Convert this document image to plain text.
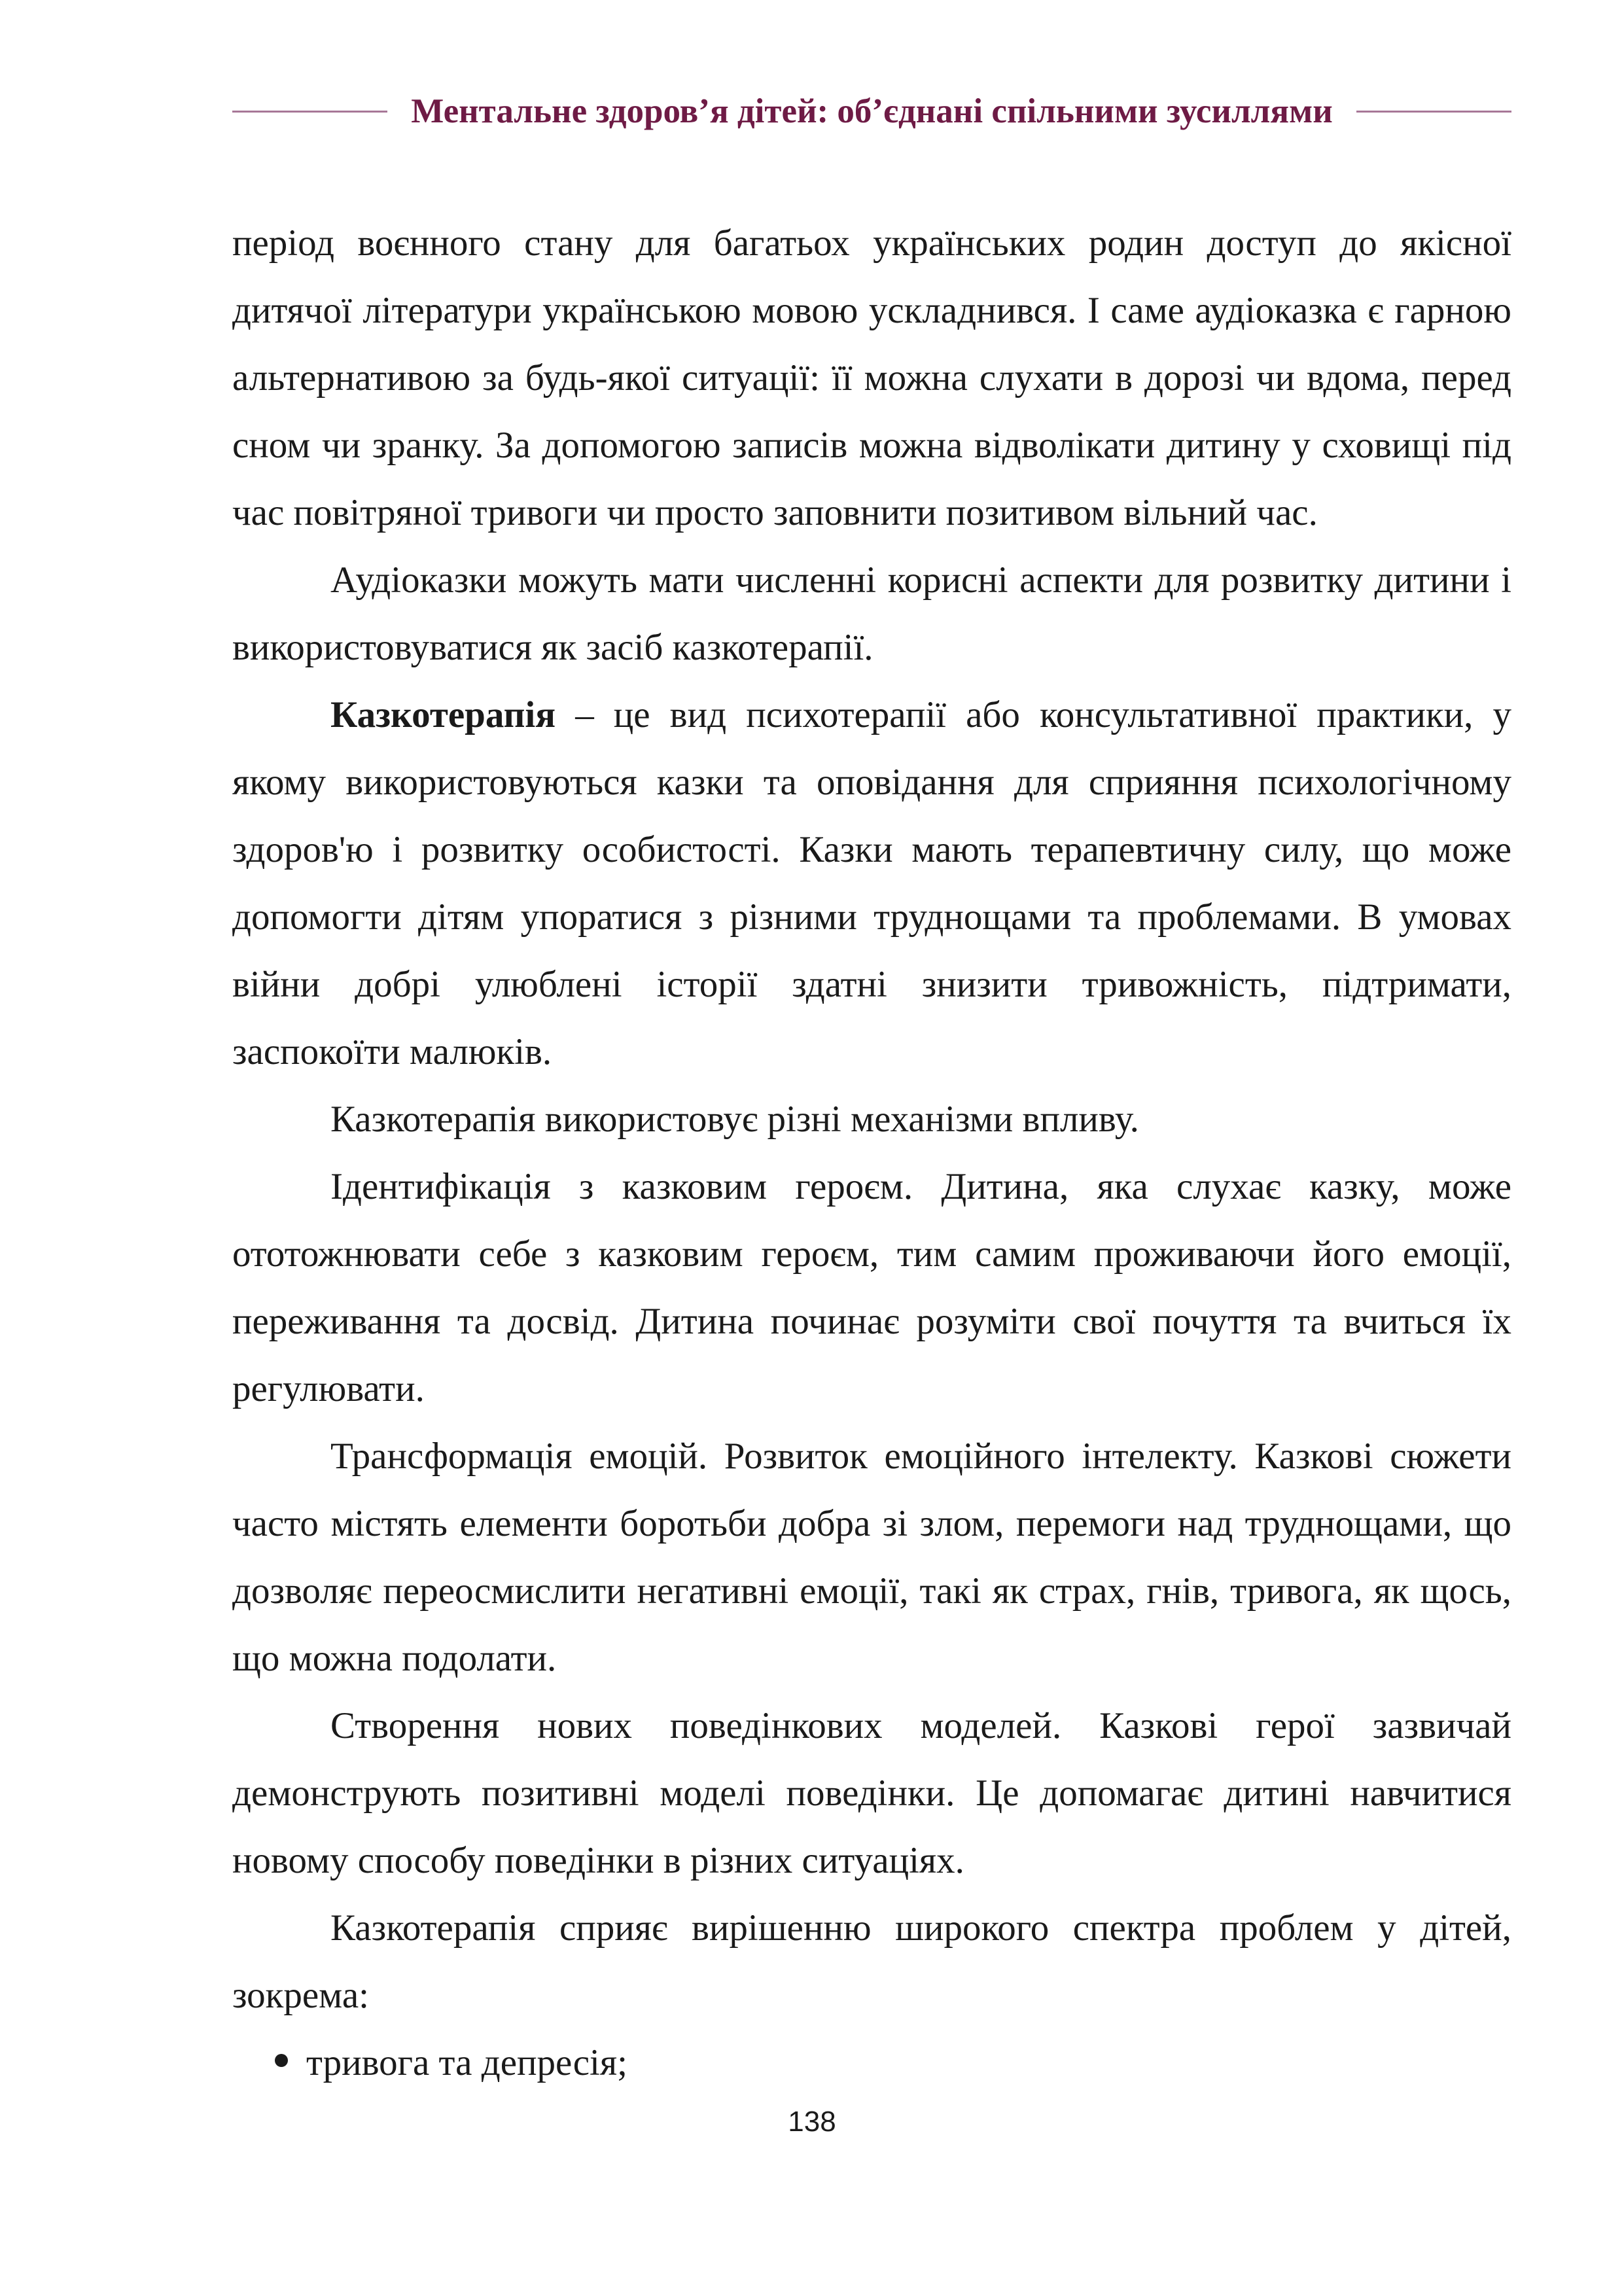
Ментальне здоров’я дітей: об’єднані спільними зусиллями

період воєнного стану для багатьох українських родин доступ до якісної дитячої літератури українською мовою ускладнився. І саме аудіоказка є гарною альтернативою за будь-якої ситуації: її можна слухати в дорозі чи вдома, перед сном чи зранку. За допомогою записів можна відволікати дитину у сховищі під час повітряної тривоги чи просто заповнити позитивом вільний час.

Аудіоказки можуть мати численні корисні аспекти для розвитку дитини і використовуватися як засіб казкотерапії.

Казкотерапія – це вид психотерапії або консультативної практики, у якому використовуються казки та оповідання для сприяння психологічному здоров'ю і розвитку особистості. Казки мають терапевтичну силу, що може допомогти дітям упоратися з різними труднощами та проблемами. В умовах війни добрі улюблені історії здатні знизити тривожність, підтримати, заспокоїти малюків.

Казкотерапія використовує різні механізми впливу.

Ідентифікація з казковим героєм. Дитина, яка слухає казку, може ототожнювати себе з казковим героєм, тим самим проживаючи його емоції, переживання та досвід. Дитина починає розуміти свої почуття та вчиться їх регулювати.

Трансформація емоцій. Розвиток емоційного інтелекту. Казкові сюжети часто містять елементи боротьби добра зі злом, перемоги над труднощами, що дозволяє переосмислити негативні емоції, такі як страх, гнів, тривога, як щось, що можна подолати.

Створення нових поведінкових моделей. Казкові герої зазвичай демонструють позитивні моделі поведінки. Це допомагає дитині навчитися новому способу поведінки в різних ситуаціях.

Казкотерапія сприяє вирішенню широкого спектра проблем у дітей, зокрема:

тривога та депресія;
138
